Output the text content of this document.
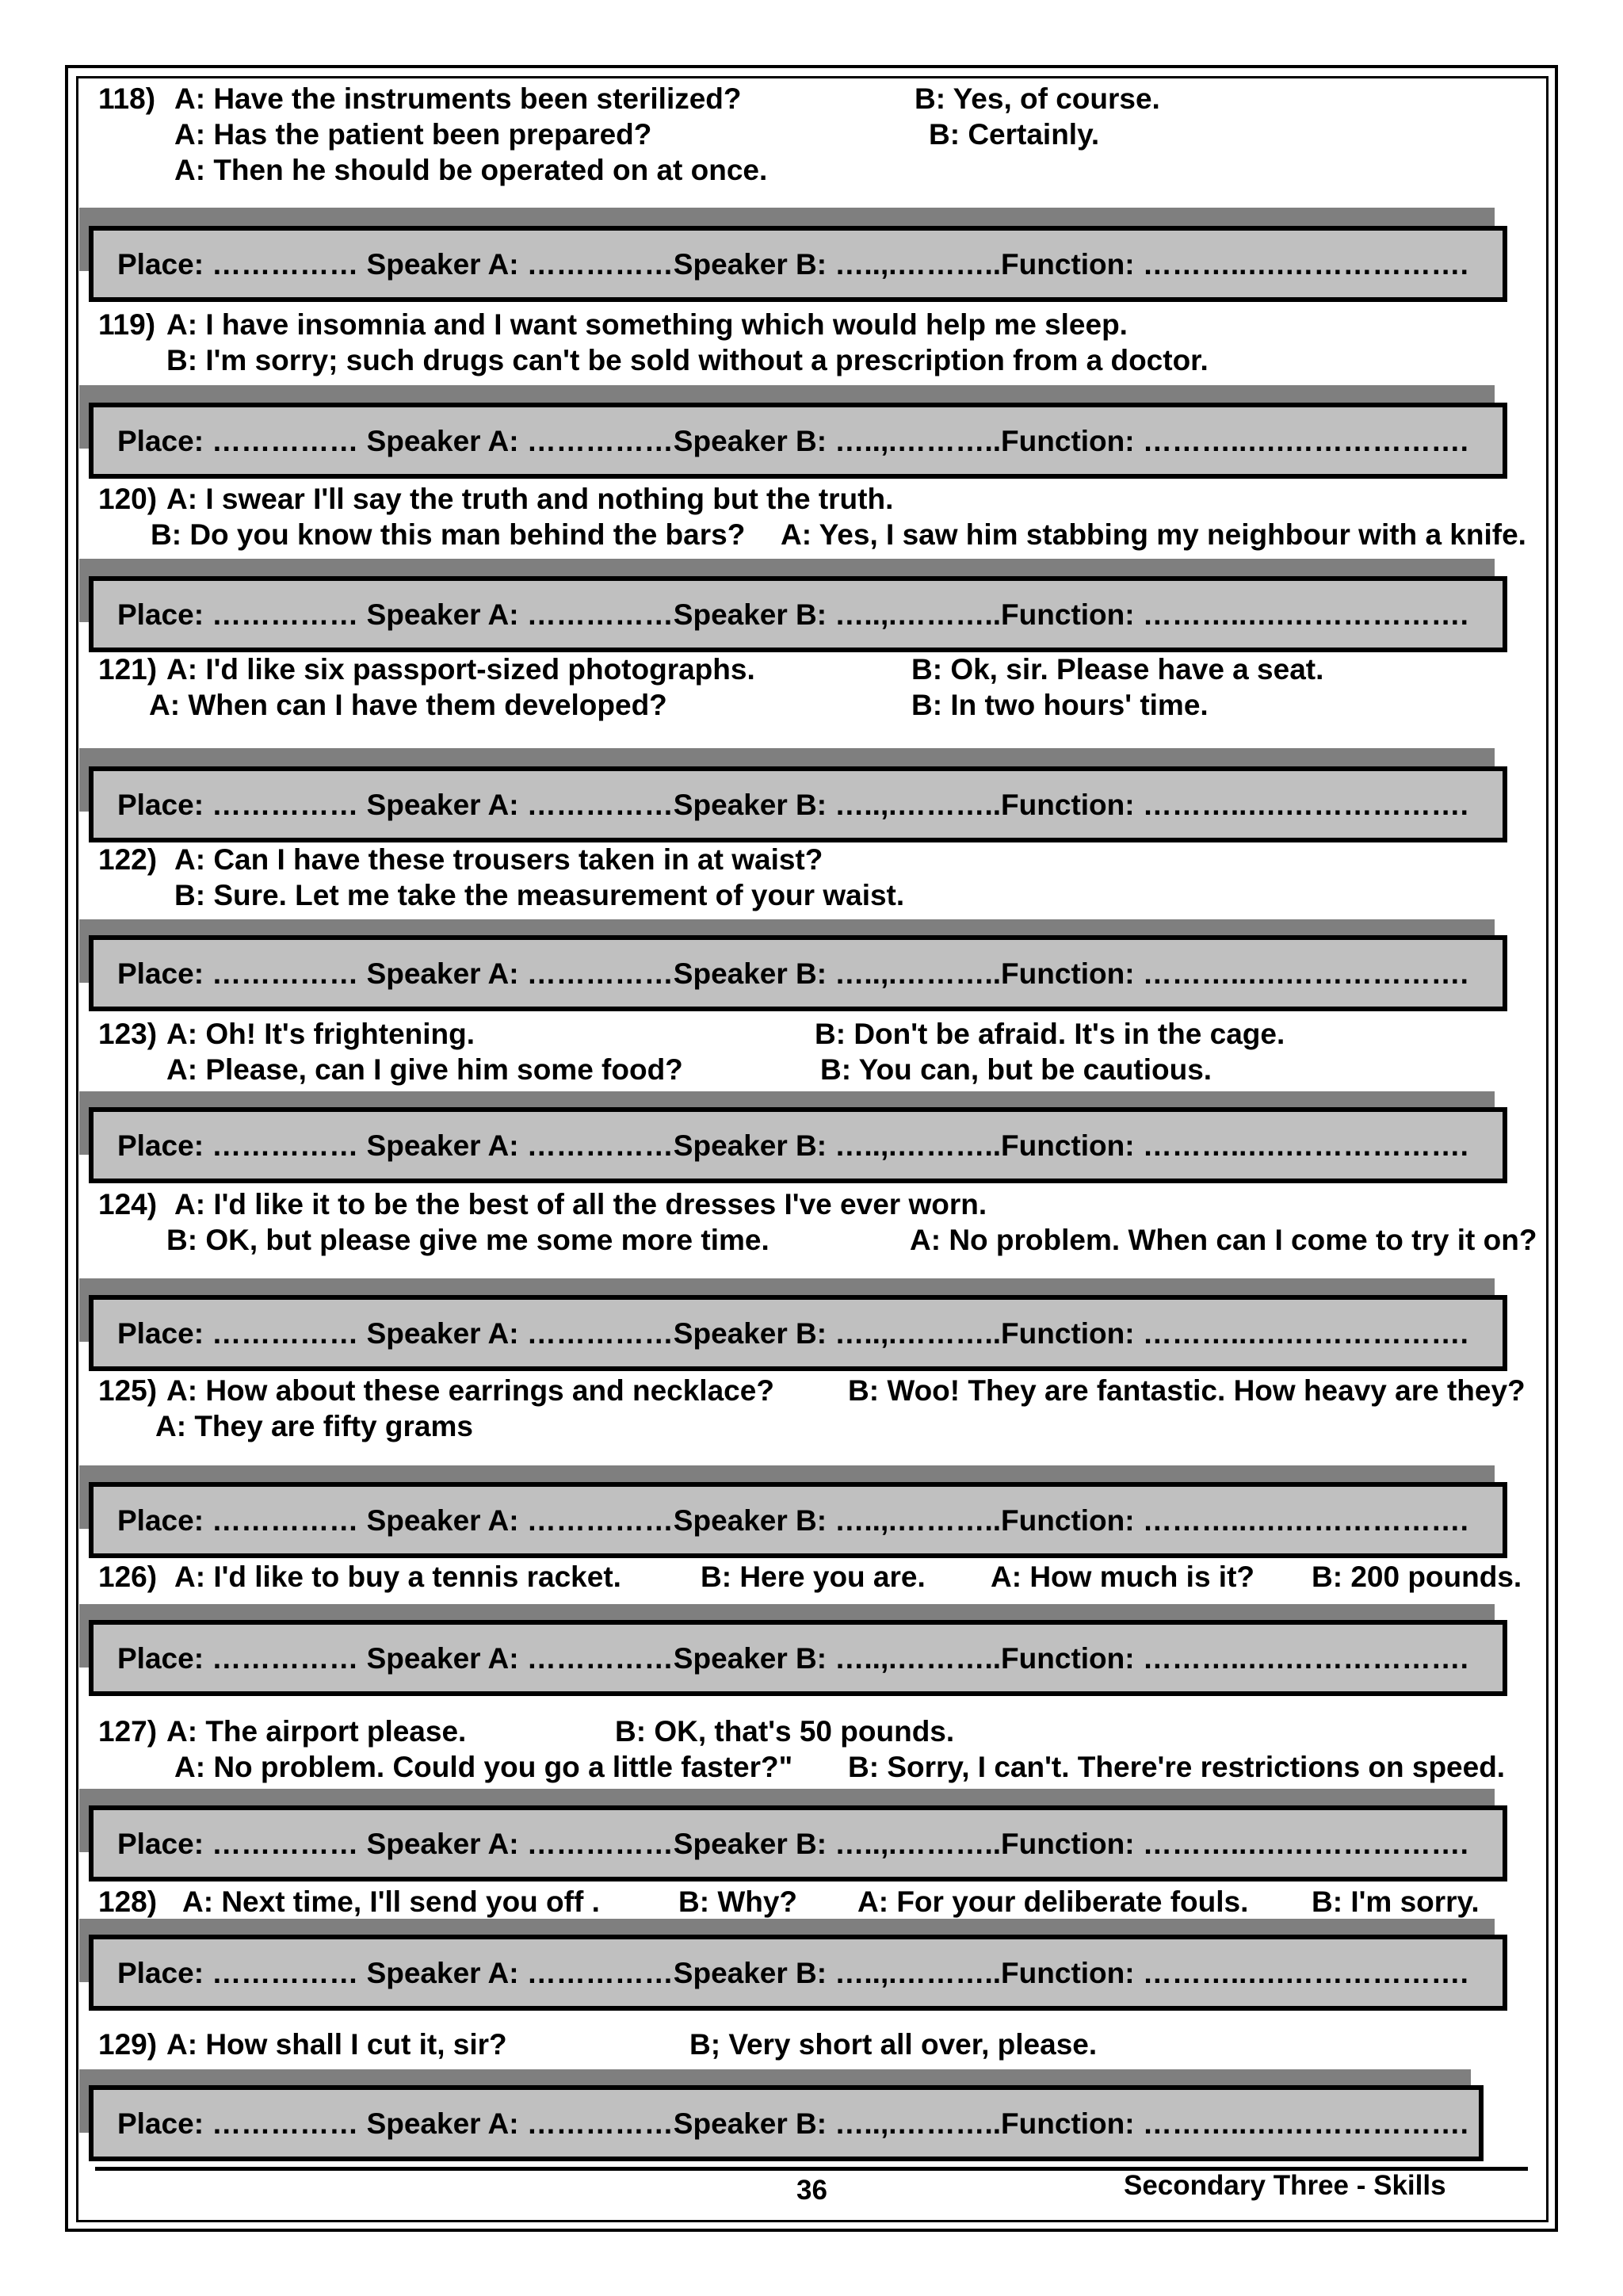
118) A: Have the instruments been sterilized?	B: Yes, of course.
A: Has the patient been prepared?	B: Certainly.
A: Then he should be operated on at once.
Place: …………… Speaker A: ……………Speaker B: …..,.………..Function: ………..….……………….
119) A: I have insomnia and I want something which would help me sleep.
B: I'm sorry; such drugs can't be sold without a prescription from a doctor.
Place: …………… Speaker A: ……………Speaker B: …..,.………..Function: ………..….……………….
120) A: I swear I'll say the truth and nothing but the truth.
B: Do you know this man behind the bars? A: Yes, I saw him stabbing my neighbour with a knife.
Place: …………… Speaker A: ……………Speaker B: …..,.………..Function: ………..….……………….
121) A: I'd like six passport-sized photographs.	B: Ok, sir. Please have a seat.
A: When can I have them developed?	B: In two hours' time.
Place: …………… Speaker A: ……………Speaker B: …..,.………..Function: ………..….……………….
122) A: Can I have these trousers taken in at waist?
B: Sure. Let me take the measurement of your waist.
Place: …………… Speaker A: ……………Speaker B: …..,.………..Function: ………..….……………….
123) A: Oh! It's frightening.	B: Don't be afraid. It's in the cage.
A: Please, can I give him some food?	B: You can, but be cautious.
Place: …………… Speaker A: ……………Speaker B: …..,.………..Function: ………..….……………….
124) A: I'd like it to be the best of all the dresses I've ever worn.
B: OK, but please give me some more time.	A: No problem. When can I come to try it on?
Place: …………… Speaker A: ……………Speaker B: …..,.………..Function: ………..….……………….
125) A: How about these earrings and necklace?	B: Woo! They are fantastic. How heavy are they?
A: They are fifty grams
Place: …………… Speaker A: ……………Speaker B: …..,.………..Function: ………..….……………….
126) A: I'd like to buy a tennis racket.	B: Here you are. A: How much is it? B: 200 pounds.
Place: …………… Speaker A: ……………Speaker B: …..,.………..Function: ………..….……………….
127) A: The airport please.	B: OK, that's 50 pounds.
A: No problem. Could you go a little faster?" B: Sorry, I can't. There're restrictions on speed.
Place: …………… Speaker A: ……………Speaker B: …..,.………..Function: ………..….……………….
128) A: Next time, I'll send you off .	B: Why? A: For your deliberate fouls. B: I'm sorry.
Place: …………… Speaker A: ……………Speaker B: …..,.………..Function: ………..….……………….
129) A: How shall I cut it, sir?	B; Very short all over, please.
Place: …………… Speaker A: ……………Speaker B: …..,.………..Function: ………..….……………….
36	Secondary Three - Skills
